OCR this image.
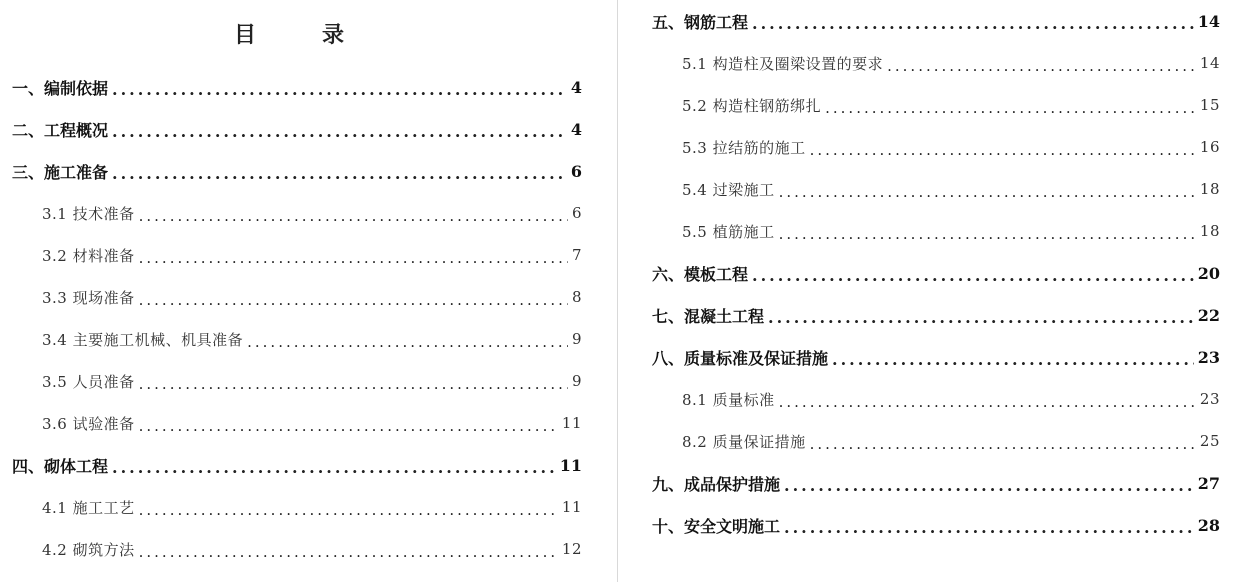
目　录
一、编制依据 .....	4
二、工程概况 .....	4
三、施工准备 .....	6
3.1 技术准备 .....	6
3.2 材料准备 .....	7
3.3 现场准备 .....	8
3.4 主要施工机械、机具准备 .....	9
3.5 人员准备 .....	9
3.6 试验准备 .....	11
四、砌体工程 .....	11
4.1 施工工艺 .....	11
4.2 砌筑方法 .....	12
五、钢筋工程 .....	14
5.1 构造柱及圈梁设置的要求 .....	14
5.2 构造柱钢筋绑扎 .....	15
5.3 拉结筋的施工 .....	16
5.4 过梁施工 .....	18
5.5 植筋施工 .....	18
六、模板工程 .....	20
七、混凝土工程 .....	22
八、质量标准及保证措施 .....	23
8.1 质量标准 .....	23
8.2 质量保证措施 .....	25
九、成品保护措施 .....	27
十、安全文明施工 .....	28
